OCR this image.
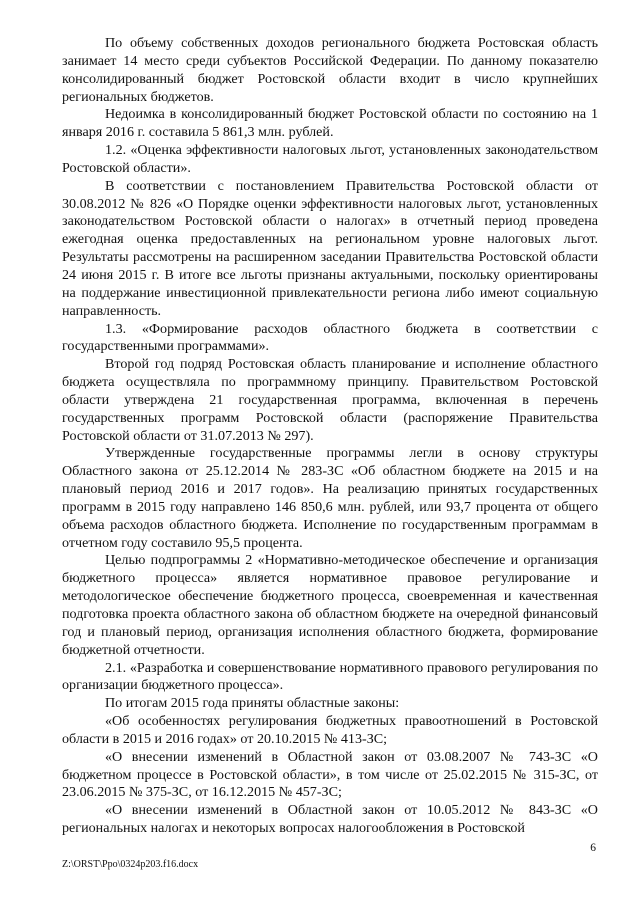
По объему собственных доходов регионального бюджета Ростовская область занимает 14 место среди субъектов Российской Федерации. По данному показателю консолидированный бюджет Ростовской области входит в число крупнейших региональных бюджетов.

Недоимка в консолидированный бюджет Ростовской области по состоянию на 1 января 2016 г. составила 5 861,3 млн. рублей.

1.2. «Оценка эффективности налоговых льгот, установленных законодательством Ростовской области».

В соответствии с постановлением Правительства Ростовской области от 30.08.2012 № 826 «О Порядке оценки эффективности налоговых льгот, установленных законодательством Ростовской области о налогах» в отчетный период проведена ежегодная оценка предоставленных на региональном уровне налоговых льгот. Результаты рассмотрены на расширенном заседании Правительства Ростовской области 24 июня 2015 г. В итоге все льготы признаны актуальными, поскольку ориентированы на поддержание инвестиционной привлекательности региона либо имеют социальную направленность.

1.3. «Формирование расходов областного бюджета в соответствии с государственными программами».

Второй год подряд Ростовская область планирование и исполнение областного бюджета осуществляла по программному принципу. Правительством Ростовской области утверждена 21 государственная программа, включенная в перечень государственных программ Ростовской области (распоряжение Правительства Ростовской области от 31.07.2013 № 297).

Утвержденные государственные программы легли в основу структуры Областного закона от 25.12.2014 № 283-ЗС «Об областном бюджете на 2015 и на плановый период 2016 и 2017 годов». На реализацию принятых государственных программ в 2015 году направлено 146 850,6 млн. рублей, или 93,7 процента от общего объема расходов областного бюджета. Исполнение по государственным программам в отчетном году составило 95,5 процента.

Целью подпрограммы 2 «Нормативно-методическое обеспечение и организация бюджетного процесса» является нормативное правовое регулирование и методологическое обеспечение бюджетного процесса, своевременная и качественная подготовка проекта областного закона об областном бюджете на очередной финансовый год и плановый период, организация исполнения областного бюджета, формирование бюджетной отчетности.

2.1. «Разработка и совершенствование нормативного правового регулирования по организации бюджетного процесса».

По итогам 2015 года приняты областные законы:

«Об особенностях регулирования бюджетных правоотношений в Ростовской области в 2015 и 2016 годах» от 20.10.2015 № 413-ЗС;

«О внесении изменений в Областной закон от 03.08.2007 № 743-ЗС «О бюджетном процессе в Ростовской области», в том числе от 25.02.2015 № 315-ЗС, от 23.06.2015 № 375-ЗС, от 16.12.2015 № 457-ЗС;

«О внесении изменений в Областной закон от 10.05.2012 № 843-ЗС «О региональных налогах и некоторых вопросах налогообложения в Ростовской

6
Z:\ORST\Ppo\0324p203.f16.docx
